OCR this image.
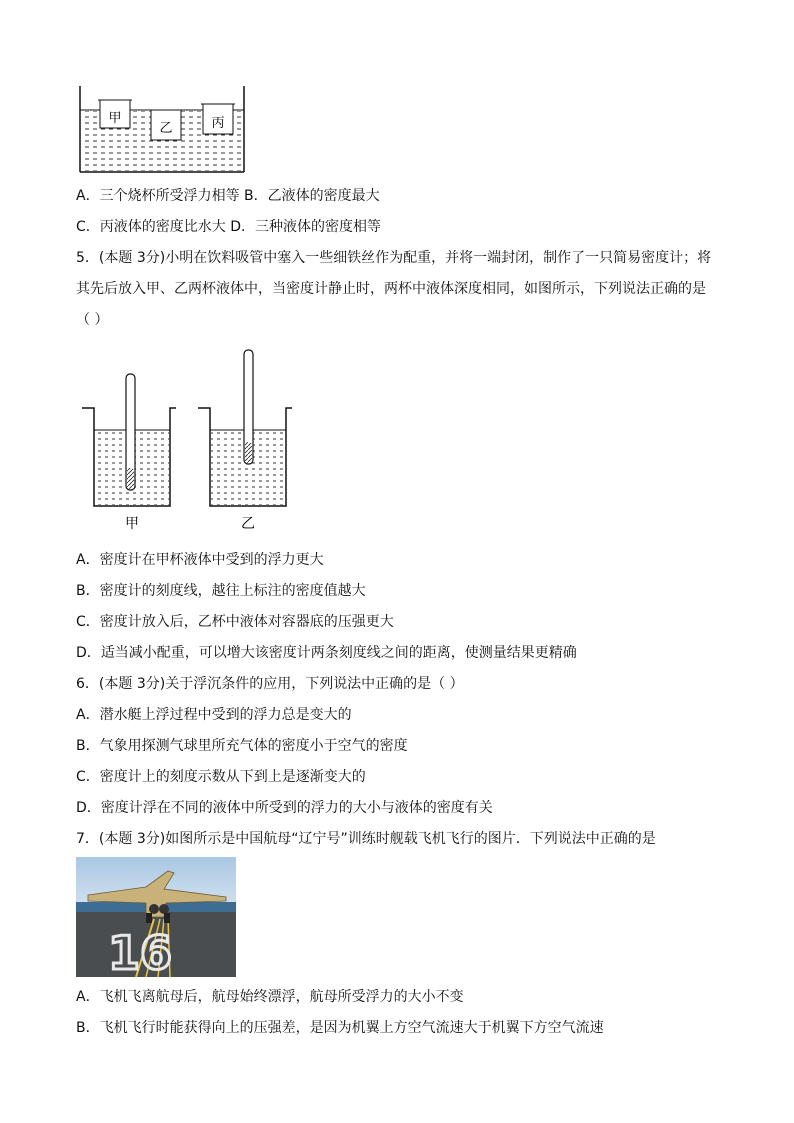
甲
乙	丙
A．三个烧杯所受浮力相等 B．乙液体的密度最大
C．丙液体的密度比水大 D．三种液体的密度相等
5．(本题 3分)小明在饮料吸管中塞入一些细铁丝作为配重，并将一端封闭，制作了一只简易密度计；将
其先后放入甲、乙两杯液体中，当密度计静止时，两杯中液体深度相同，如图所示，下列说法正确的是
（ ）
甲	乙
A．密度计在甲杯液体中受到的浮力更大
B．密度计的刻度线，越往上标注的密度值越大
C．密度计放入后，乙杯中液体对容器底的压强更大
D．适当减小配重，可以增大该密度计两条刻度线之间的距离，使测量结果更精确
6．(本题 3分)关于浮沉条件的应用，下列说法中正确的是（ ）
A．潜水艇上浮过程中受到的浮力总是变大的
B．气象用探测气球里所充气体的密度小于空气的密度
C．密度计上的刻度示数从下到上是逐渐变大的
D．密度计浮在不同的液体中所受到的浮力的大小与液体的密度有关
7．(本题 3分)如图所示是中国航母“辽宁号”训练时舰载飞机飞行的图片．下列说法中正确的是
16
A．飞机飞离航母后，航母始终漂浮，航母所受浮力的大小不变
B．飞机飞行时能获得向上的压强差，是因为机翼上方空气流速大于机翼下方空气流速
